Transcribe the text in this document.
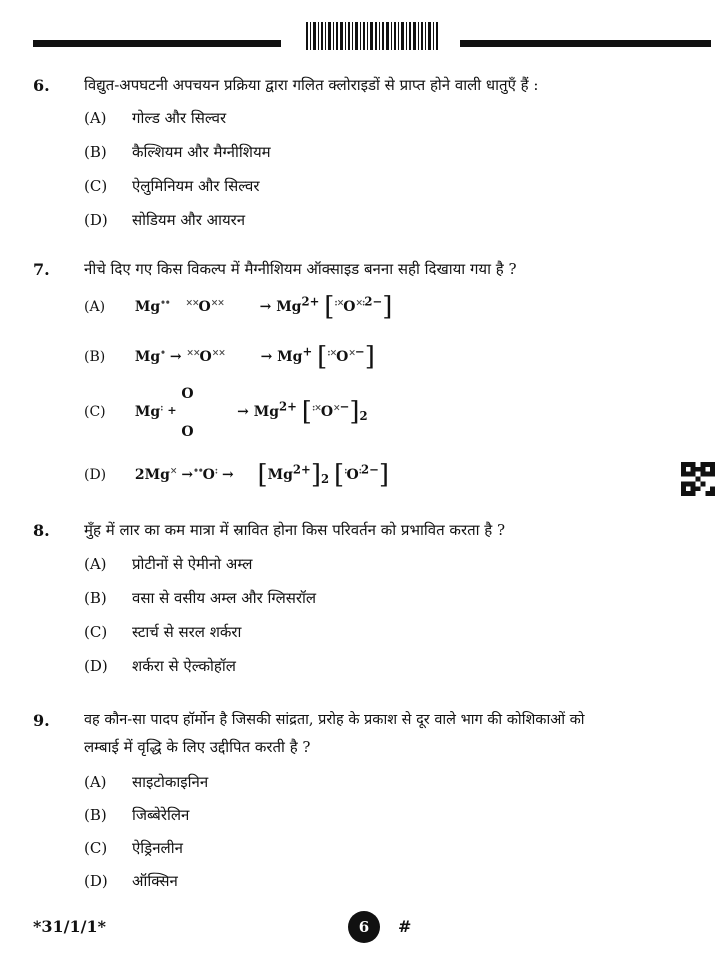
6. विद्युत-अपघटनी अपचयन प्रक्रिया द्वारा गलित क्लोराइडों से प्राप्त होने वाली धातुएँ हैं :
(A) गोल्ड और सिल्वर
(B) कैल्शियम और मैग्नीशियम
(C) ऐलुमिनियम और सिल्वर
(D) सोडियम और आयरन
7. नीचे दिए गए किस विकल्प में मैग्नीशियम ऑक्साइड बनना सही दिखाया गया है ?
(A) Mg•• ××O××	→ $Mg^{2+}$ $[^{:\times}O^{\times:2-}]$
(B) Mg• → ××O××	→ Mg+ [:×O×−]
(C) Mg:
O
+
O
→ $Mg^{2+}$ $[^{:\times}O^{\times-}]_2$
(D) $2Mg^\times \to^{••}O^: \to [Mg^{2+}]_2$ $[^:O^{:2-}]$
8. मुँह में लार का कम मात्रा में स्रावित होना किस परिवर्तन को प्रभावित करता है ?
(A) प्रोटीनों से ऐमीनो अम्ल
(B) वसा से वसीय अम्ल और ग्लिसरॉल
(C) स्टार्च से सरल शर्करा
(D) शर्करा से ऐल्कोहॉल
9. वह कौन-सा पादप हॉर्मोन है जिसकी सांद्रता, प्ररोह के प्रकाश से दूर वाले भाग की कोशिकाओं को
लम्बाई में वृद्धि के लिए उद्दीपित करती है ?
(A) साइटोकाइनिन
(B) जिब्बेरेलिन
(C) ऐड्रिनलीन
(D) ऑक्सिन
*31/1/1*	6	#
